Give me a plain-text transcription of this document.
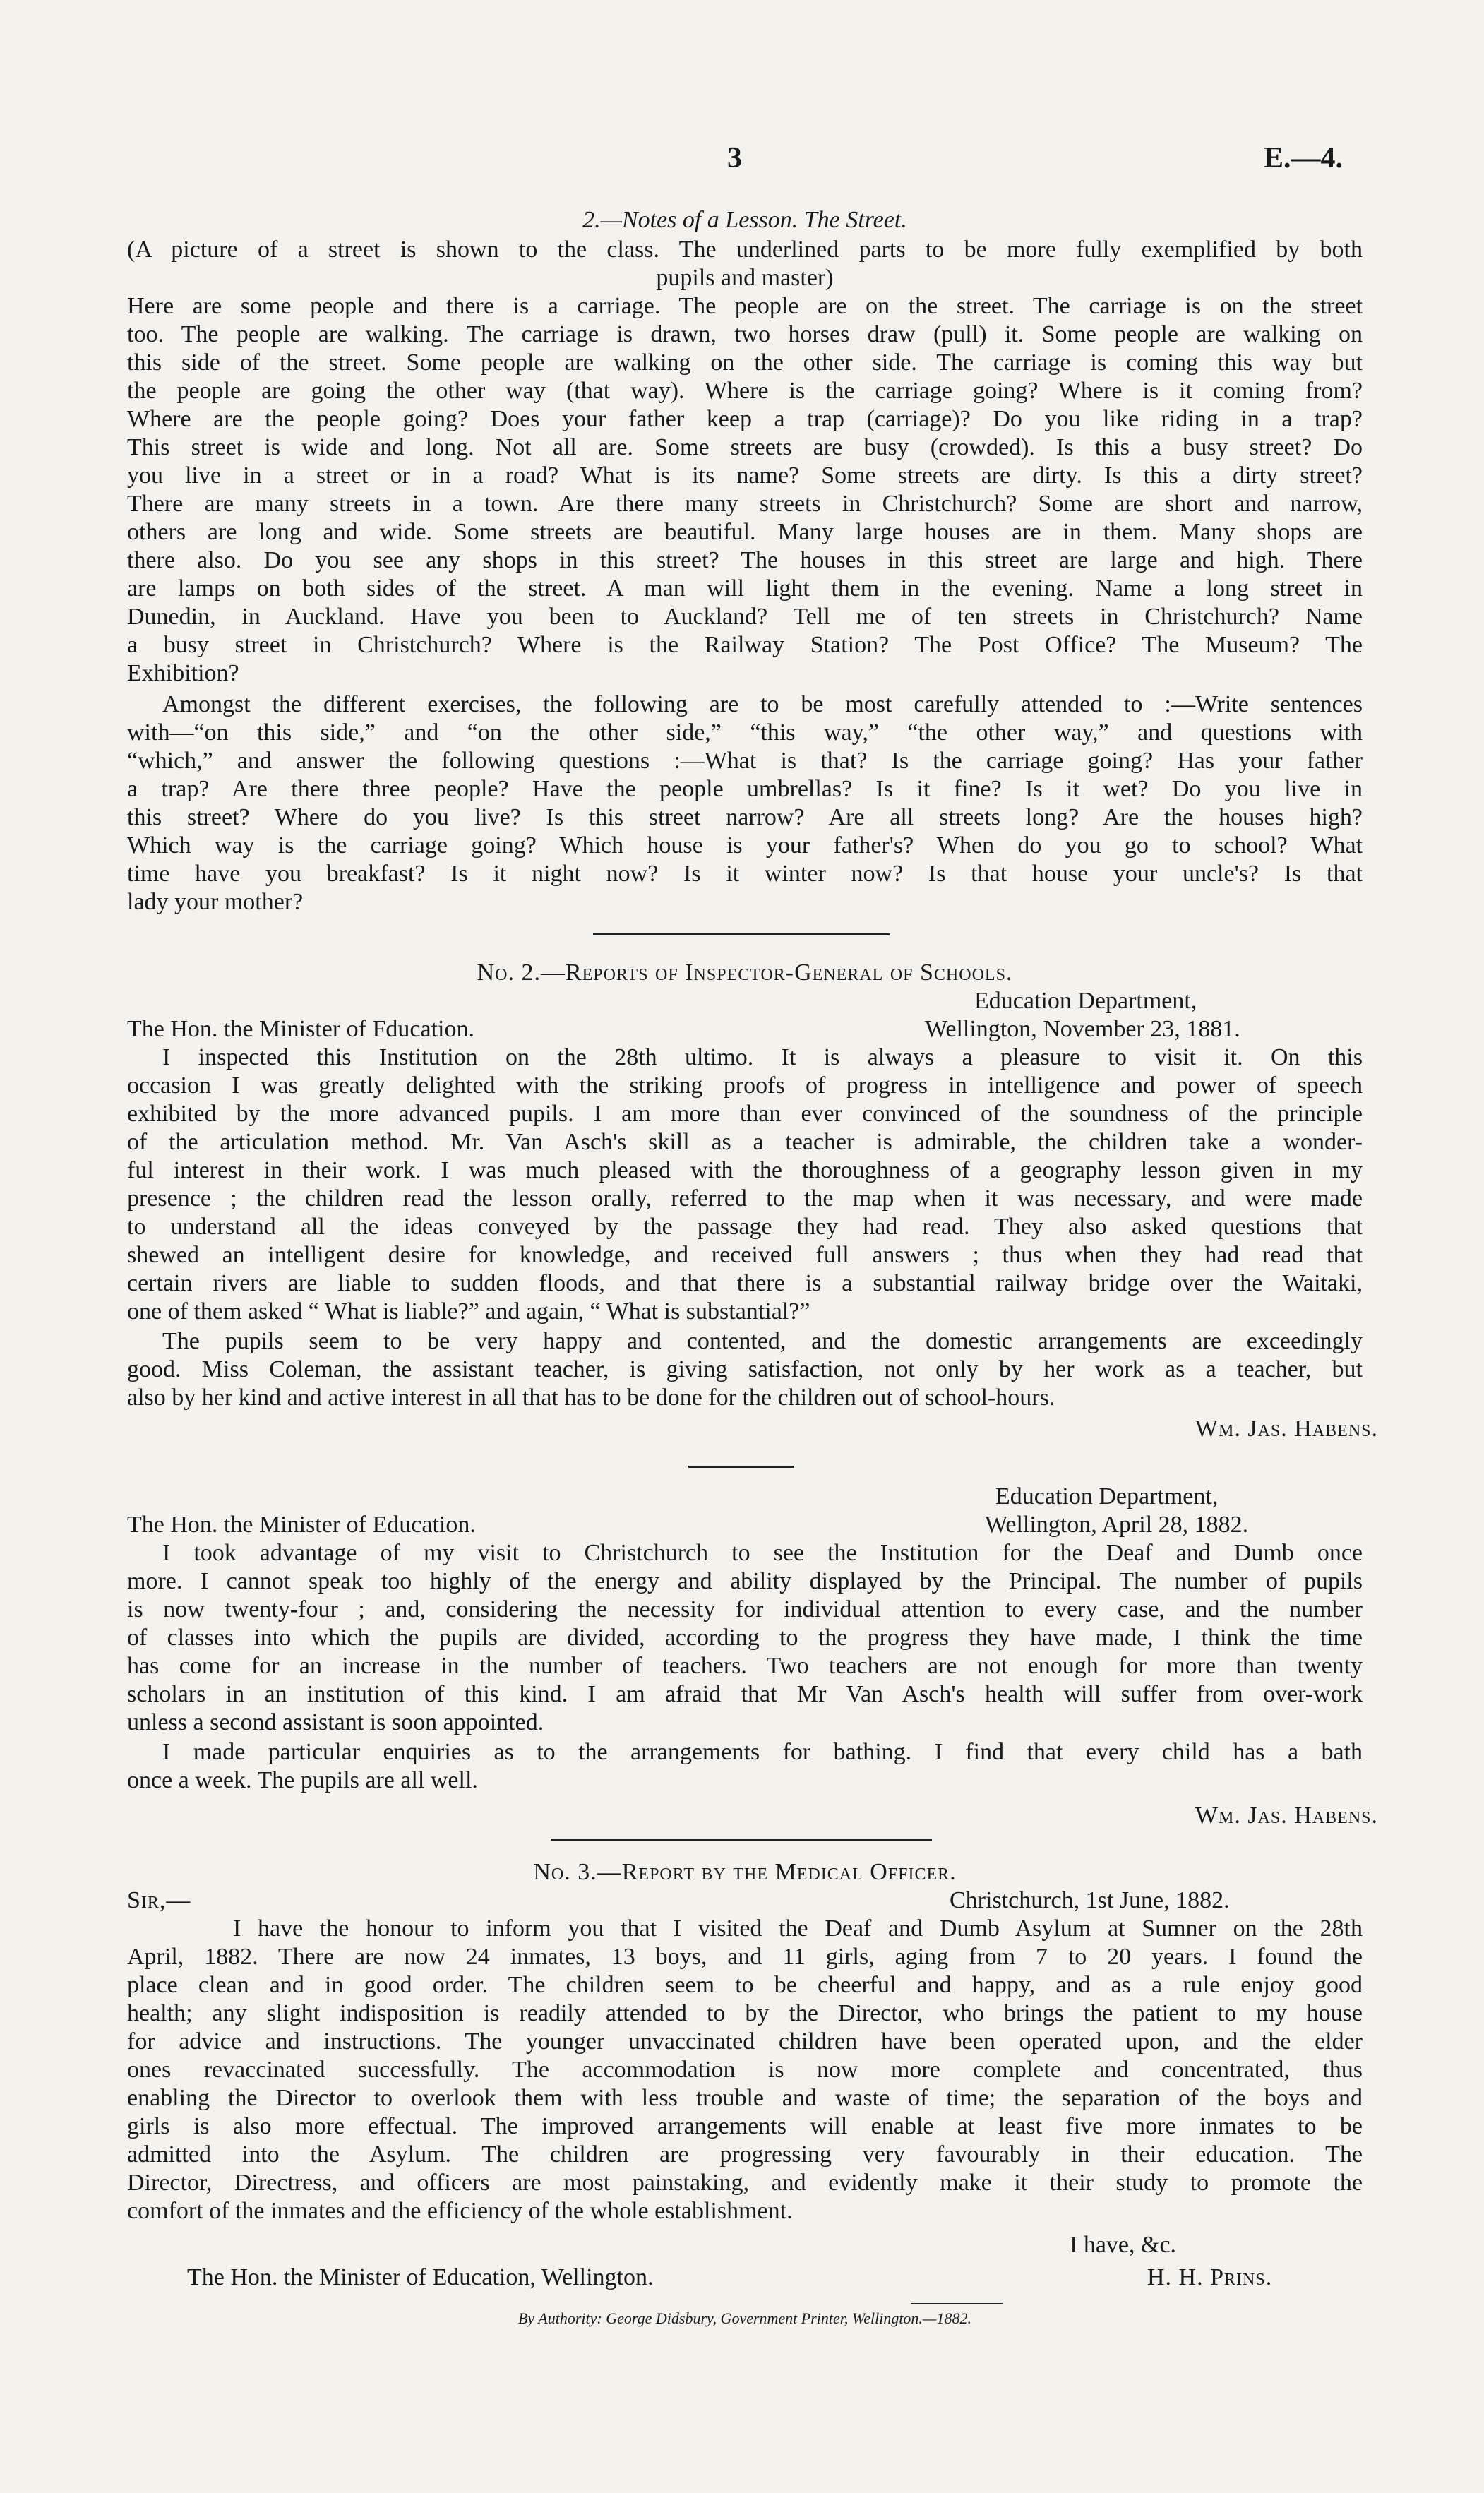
3	E.—4.
2.—Notes of a Lesson. The Street.
(A picture of a street is shown to the class. The underlined parts to be more fully exemplified by both
pupils and master)
Here are some people and there is a carriage. The people are on the street. The carriage is on the street
too. The people are walking. The carriage is drawn, two horses draw (pull) it. Some people are walking on
this side of the street. Some people are walking on the other side. The carriage is coming this way but
the people are going the other way (that way). Where is the carriage going? Where is it coming from?
Where are the people going? Does your father keep a trap (carriage)? Do you like riding in a trap?
This street is wide and long. Not all are. Some streets are busy (crowded). Is this a busy street? Do
you live in a street or in a road? What is its name? Some streets are dirty. Is this a dirty street?
There are many streets in a town. Are there many streets in Christchurch? Some are short and narrow,
others are long and wide. Some streets are beautiful. Many large houses are in them. Many shops are
there also. Do you see any shops in this street? The houses in this street are large and high. There
are lamps on both sides of the street. A man will light them in the evening. Name a long street in
Dunedin, in Auckland. Have you been to Auckland? Tell me of ten streets in Christchurch? Name
a busy street in Christchurch? Where is the Railway Station? The Post Office? The Museum? The
Exhibition?
Amongst the different exercises, the following are to be most carefully attended to :—Write sentences
with—“on this side,” and “on the other side,” “this way,” “the other way,” and questions with
“which,” and answer the following questions :—What is that? Is the carriage going? Has your father
a trap? Are there three people? Have the people umbrellas? Is it fine? Is it wet? Do you live in
this street? Where do you live? Is this street narrow? Are all streets long? Are the houses high?
Which way is the carriage going? Which house is your father's? When do you go to school? What
time have you breakfast? Is it night now? Is it winter now? Is that house your uncle's? Is that
lady your mother?
No. 2.—Reports of Inspector-General of Schools.
Education Department,
The Hon. the Minister of Fducation.	Wellington, November 23, 1881.
I inspected this Institution on the 28th ultimo. It is always a pleasure to visit it. On this
occasion I was greatly delighted with the striking proofs of progress in intelligence and power of speech
exhibited by the more advanced pupils. I am more than ever convinced of the soundness of the principle
of the articulation method. Mr. Van Asch's skill as a teacher is admirable, the children take a wonder-
ful interest in their work. I was much pleased with the thoroughness of a geography lesson given in my
presence ; the children read the lesson orally, referred to the map when it was necessary, and were made
to understand all the ideas conveyed by the passage they had read. They also asked questions that
shewed an intelligent desire for knowledge, and received full answers ; thus when they had read that
certain rivers are liable to sudden floods, and that there is a substantial railway bridge over the Waitaki,
one of them asked “ What is liable?” and again, “ What is substantial?”
The pupils seem to be very happy and contented, and the domestic arrangements are exceedingly
good. Miss Coleman, the assistant teacher, is giving satisfaction, not only by her work as a teacher, but
also by her kind and active interest in all that has to be done for the children out of school-hours.
Wm. Jas. Habens.
Education Department,
The Hon. the Minister of Education.	Wellington, April 28, 1882.
I took advantage of my visit to Christchurch to see the Institution for the Deaf and Dumb once
more. I cannot speak too highly of the energy and ability displayed by the Principal. The number of pupils
is now twenty-four ; and, considering the necessity for individual attention to every case, and the number
of classes into which the pupils are divided, according to the progress they have made, I think the time
has come for an increase in the number of teachers. Two teachers are not enough for more than twenty
scholars in an institution of this kind. I am afraid that Mr Van Asch's health will suffer from over-work
unless a second assistant is soon appointed.
I made particular enquiries as to the arrangements for bathing. I find that every child has a bath
once a week. The pupils are all well.
Wm. Jas. Habens.
No. 3.—Report by the Medical Officer.
Sir,—	Christchurch, 1st June, 1882.
I have the honour to inform you that I visited the Deaf and Dumb Asylum at Sumner on the 28th
April, 1882. There are now 24 inmates, 13 boys, and 11 girls, aging from 7 to 20 years. I found the
place clean and in good order. The children seem to be cheerful and happy, and as a rule enjoy good
health; any slight indisposition is readily attended to by the Director, who brings the patient to my house
for advice and instructions. The younger unvaccinated children have been operated upon, and the elder
ones revaccinated successfully. The accommodation is now more complete and concentrated, thus
enabling the Director to overlook them with less trouble and waste of time; the separation of the boys and
girls is also more effectual. The improved arrangements will enable at least five more inmates to be
admitted into the Asylum. The children are progressing very favourably in their education. The
Director, Directress, and officers are most painstaking, and evidently make it their study to promote the
comfort of the inmates and the efficiency of the whole establishment.
I have, &c.
The Hon. the Minister of Education, Wellington.	H. H. Prins.
By Authority: George Didsbury, Government Printer, Wellington.—1882.
